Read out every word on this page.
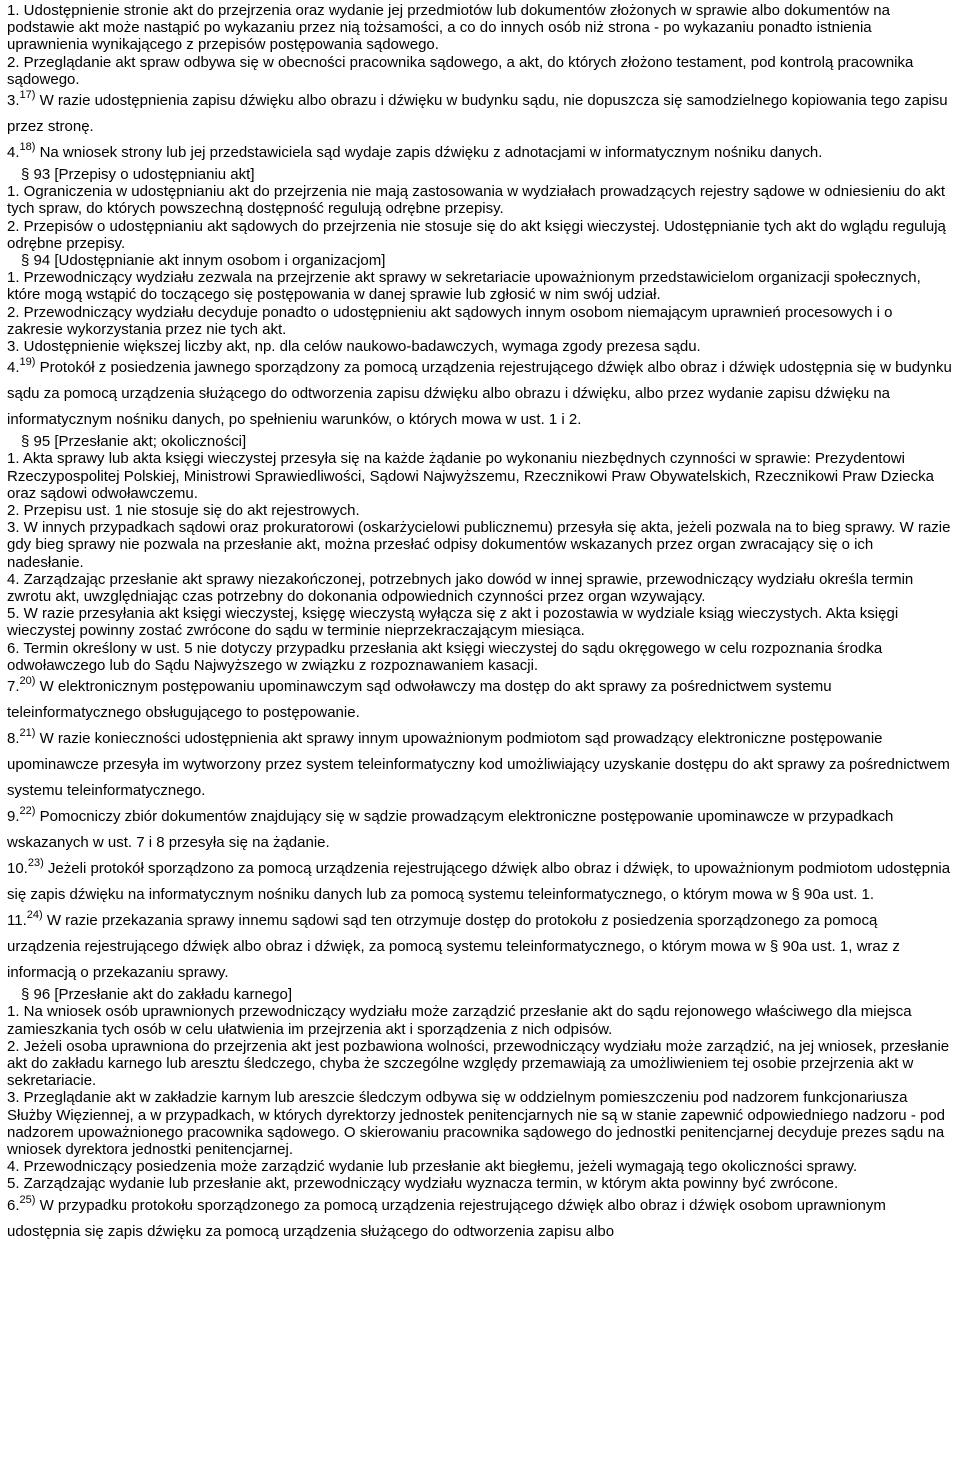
1. Udostępnienie stronie akt do przejrzenia oraz wydanie jej przedmiotów lub dokumentów złożonych w sprawie albo dokumentów na podstawie akt może nastąpić po wykazaniu przez nią tożsamości, a co do innych osób niż strona - po wykazaniu ponadto istnienia uprawnienia wynikającego z przepisów postępowania sądowego.

2. Przeglądanie akt spraw odbywa się w obecności pracownika sądowego, a akt, do których złożono testament, pod kontrolą pracownika sądowego.

3.$^{17)}$ W razie udostępnienia zapisu dźwięku albo obrazu i dźwięku w budynku sądu, nie dopuszcza się samodzielnego kopiowania tego zapisu przez stronę.

4.$^{18)}$ Na wniosek strony lub jej przedstawiciela sąd wydaje zapis dźwięku z adnotacjami w informatycznym nośniku danych.

§ 93 [Przepisy o udostępnianiu akt]

1. Ograniczenia w udostępnianiu akt do przejrzenia nie mają zastosowania w wydziałach prowadzących rejestry sądowe w odniesieniu do akt tych spraw, do których powszechną dostępność regulują odrębne przepisy.

2. Przepisów o udostępnianiu akt sądowych do przejrzenia nie stosuje się do akt księgi wieczystej. Udostępnianie tych akt do wglądu regulują odrębne przepisy.

§ 94 [Udostępnianie akt innym osobom i organizacjom]

1. Przewodniczący wydziału zezwala na przejrzenie akt sprawy w sekretariacie upoważnionym przedstawicielom organizacji społecznych, które mogą wstąpić do toczącego się postępowania w danej sprawie lub zgłosić w nim swój udział.

2. Przewodniczący wydziału decyduje ponadto o udostępnieniu akt sądowych innym osobom niemającym uprawnień procesowych i o zakresie wykorzystania przez nie tych akt.

3. Udostępnienie większej liczby akt, np. dla celów naukowo-badawczych, wymaga zgody prezesa sądu.

4.$^{19)}$ Protokół z posiedzenia jawnego sporządzony za pomocą urządzenia rejestrującego dźwięk albo obraz i dźwięk udostępnia się w budynku sądu za pomocą urządzenia służącego do odtworzenia zapisu dźwięku albo obrazu i dźwięku, albo przez wydanie zapisu dźwięku na informatycznym nośniku danych, po spełnieniu warunków, o których mowa w ust. 1 i 2.

§ 95 [Przesłanie akt; okoliczności]

1. Akta sprawy lub akta księgi wieczystej przesyła się na każde żądanie po wykonaniu niezbędnych czynności w sprawie: Prezydentowi Rzeczypospolitej Polskiej, Ministrowi Sprawiedliwości, Sądowi Najwyższemu, Rzecznikowi Praw Obywatelskich, Rzecznikowi Praw Dziecka oraz sądowi odwoławczemu.

2. Przepisu ust. 1 nie stosuje się do akt rejestrowych.

3. W innych przypadkach sądowi oraz prokuratorowi (oskarżycielowi publicznemu) przesyła się akta, jeżeli pozwala na to bieg sprawy. W razie gdy bieg sprawy nie pozwala na przesłanie akt, można przesłać odpisy dokumentów wskazanych przez organ zwracający się o ich nadesłanie.

4. Zarządzając przesłanie akt sprawy niezakończonej, potrzebnych jako dowód w innej sprawie, przewodniczący wydziału określa termin zwrotu akt, uwzględniając czas potrzebny do dokonania odpowiednich czynności przez organ wzywający.

5. W razie przesyłania akt księgi wieczystej, księgę wieczystą wyłącza się z akt i pozostawia w wydziale ksiąg wieczystych. Akta księgi wieczystej powinny zostać zwrócone do sądu w terminie nieprzekraczającym miesiąca.

6. Termin określony w ust. 5 nie dotyczy przypadku przesłania akt księgi wieczystej do sądu okręgowego w celu rozpoznania środka odwoławczego lub do Sądu Najwyższego w związku z rozpoznawaniem kasacji.

7.$^{20)}$ W elektronicznym postępowaniu upominawczym sąd odwoławczy ma dostęp do akt sprawy za pośrednictwem systemu teleinformatycznego obsługującego to postępowanie.

8.$^{21)}$ W razie konieczności udostępnienia akt sprawy innym upoważnionym podmiotom sąd prowadzący elektroniczne postępowanie upominawcze przesyła im wytworzony przez system teleinformatyczny kod umożliwiający uzyskanie dostępu do akt sprawy za pośrednictwem systemu teleinformatycznego.

9.$^{22)}$ Pomocniczy zbiór dokumentów znajdujący się w sądzie prowadzącym elektroniczne postępowanie upominawcze w przypadkach wskazanych w ust. 7 i 8 przesyła się na żądanie.

10.$^{23)}$ Jeżeli protokół sporządzono za pomocą urządzenia rejestrującego dźwięk albo obraz i dźwięk, to upoważnionym podmiotom udostępnia się zapis dźwięku na informatycznym nośniku danych lub za pomocą systemu teleinformatycznego, o którym mowa w § 90a ust. 1.

11.$^{24)}$ W razie przekazania sprawy innemu sądowi sąd ten otrzymuje dostęp do protokołu z posiedzenia sporządzonego za pomocą urządzenia rejestrującego dźwięk albo obraz i dźwięk, za pomocą systemu teleinformatycznego, o którym mowa w § 90a ust. 1, wraz z informacją o przekazaniu sprawy.

§ 96 [Przesłanie akt do zakładu karnego]

1. Na wniosek osób uprawnionych przewodniczący wydziału może zarządzić przesłanie akt do sądu rejonowego właściwego dla miejsca zamieszkania tych osób w celu ułatwienia im przejrzenia akt i sporządzenia z nich odpisów.

2. Jeżeli osoba uprawniona do przejrzenia akt jest pozbawiona wolności, przewodniczący wydziału może zarządzić, na jej wniosek, przesłanie akt do zakładu karnego lub aresztu śledczego, chyba że szczególne względy przemawiają za umożliwieniem tej osobie przejrzenia akt w sekretariacie.

3. Przeglądanie akt w zakładzie karnym lub areszcie śledczym odbywa się w oddzielnym pomieszczeniu pod nadzorem funkcjonariusza Służby Więziennej, a w przypadkach, w których dyrektorzy jednostek penitencjarnych nie są w stanie zapewnić odpowiedniego nadzoru - pod nadzorem upoważnionego pracownika sądowego. O skierowaniu pracownika sądowego do jednostki penitencjarnej decyduje prezes sądu na wniosek dyrektora jednostki penitencjarnej.

4. Przewodniczący posiedzenia może zarządzić wydanie lub przesłanie akt biegłemu, jeżeli wymagają tego okoliczności sprawy.

5. Zarządzając wydanie lub przesłanie akt, przewodniczący wydziału wyznacza termin, w którym akta powinny być zwrócone.

6.$^{25)}$ W przypadku protokołu sporządzonego za pomocą urządzenia rejestrującego dźwięk albo obraz i dźwięk osobom uprawnionym udostępnia się zapis dźwięku za pomocą urządzenia służącego do odtworzenia zapisu albo
